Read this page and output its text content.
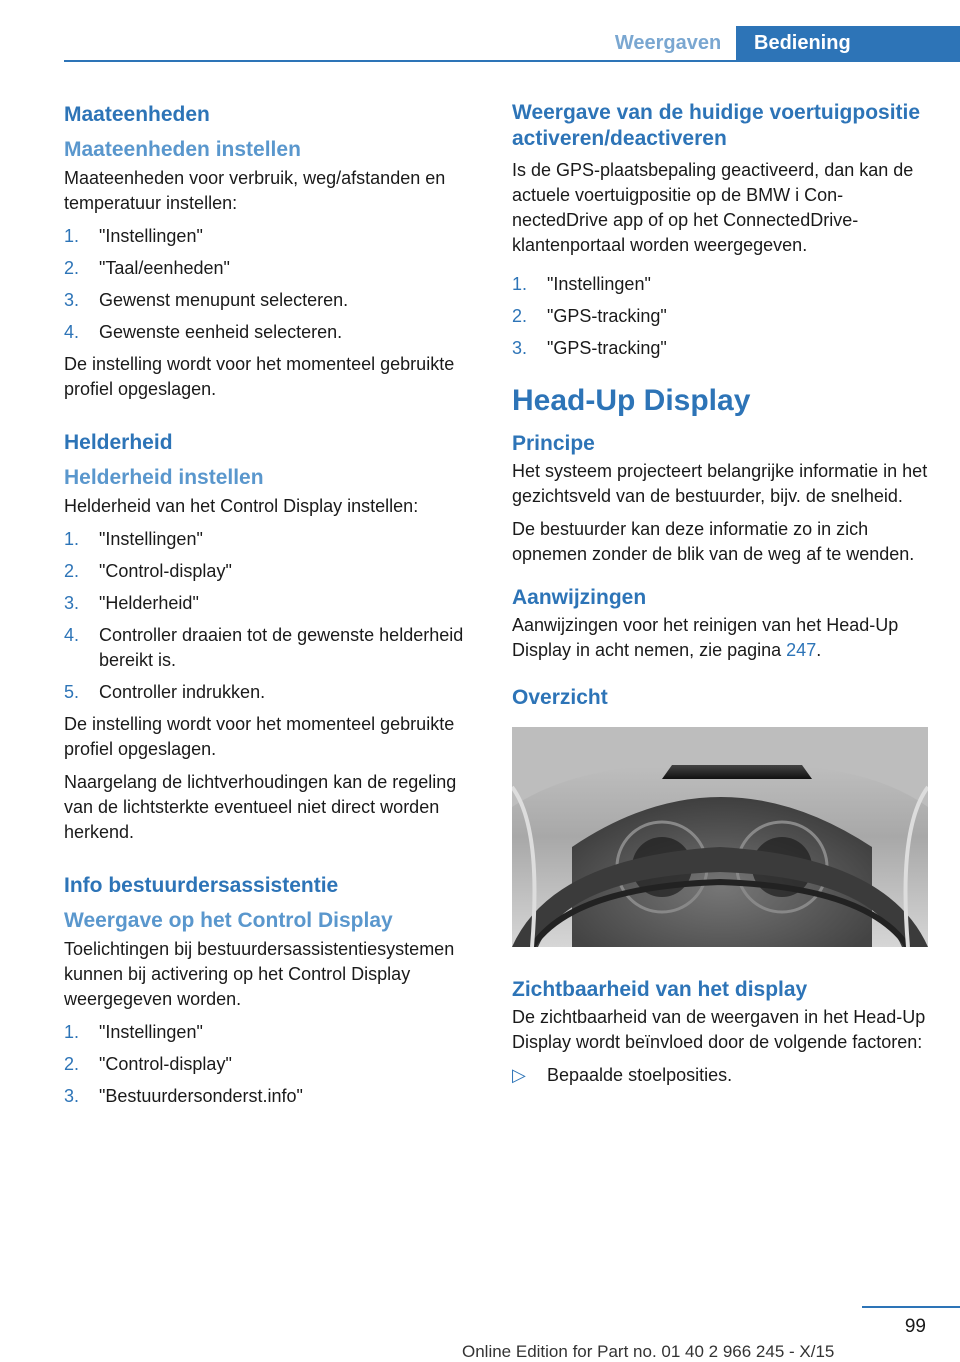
Weergaven	Bediening
Maateenheden
Maateenheden instellen

Maateenheden voor verbruik, weg/afstanden en temperatuur instellen:

1.	"Instellingen"
2.	"Taal/eenheden"
3.	Gewenst menupunt selecteren.
4.	Gewenste eenheid selecteren.

De instelling wordt voor het momenteel gebruikte profiel opgeslagen.

Helderheid
Helderheid instellen

Helderheid van het Control Display instellen:

1.	"Instellingen"
2.	"Control-display"
3.	"Helderheid"
4.	Controller draaien tot de gewenste helderheid bereikt is.
5.	Controller indrukken.

De instelling wordt voor het momenteel gebruikte profiel opgeslagen.

Naargelang de lichtverhoudingen kan de regeling van de lichtsterkte eventueel niet direct worden herkend.

Info bestuurdersassistentie
Weergave op het Control Display

Toelichtingen bij bestuurdersassistentiesystemen kunnen bij activering op het Control Display weergegeven worden.

1.	"Instellingen"
2.	"Control-display"
3.	"Bestuurdersonderst.info"
Weergave van de huidige voertuigpositie activeren/deactiveren

Is de GPS-plaatsbepaling geactiveerd, dan kan de actuele voertuigpositie op de BMW i ConnectedDrive app of op het ConnectedDrive-klantenportaal worden weergegeven.

1.	"Instellingen"
2.	"GPS-tracking"
3.	"GPS-tracking"
Head-Up Display
Principe

Het systeem projecteert belangrijke informatie in het gezichtsveld van de bestuurder, bijv. de snelheid.

De bestuurder kan deze informatie zo in zich opnemen zonder de blik van de weg af te wenden.

Aanwijzingen

Aanwijzingen voor het reinigen van het Head-Up Display in acht nemen, zie pagina 247.

Overzicht
Zichtbaarheid van het display

De zichtbaarheid van de weergaven in het Head-Up Display wordt beïnvloed door de volgende factoren:

▷	Bepaalde stoelposities.
99
Online Edition for Part no. 01 40 2 966 245 - X/15
